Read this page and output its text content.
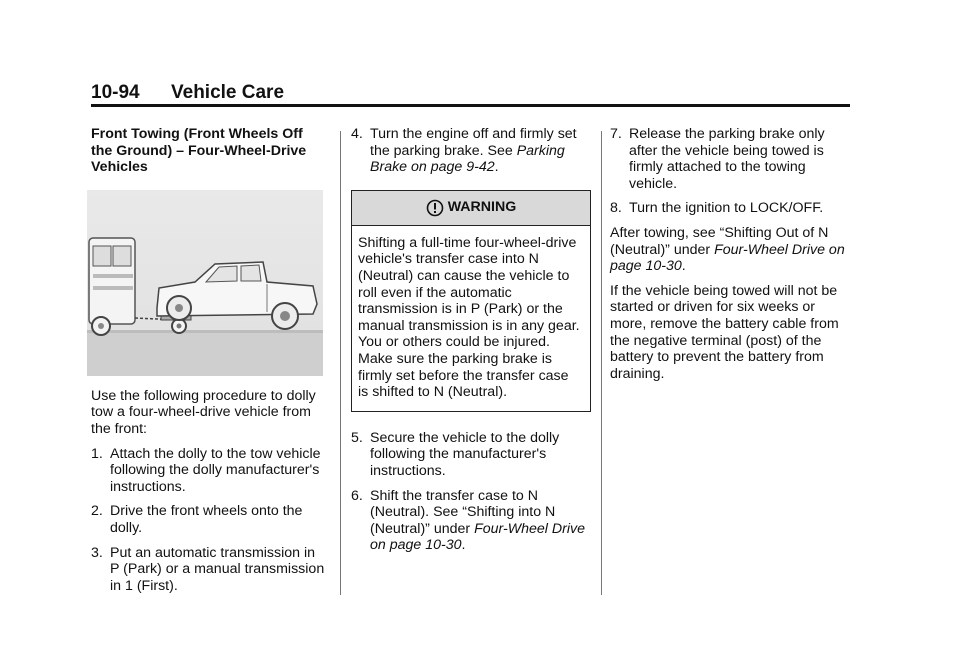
10-94 Vehicle Care

Front Towing (Front Wheels Off the Ground) – Four-Wheel-Drive Vehicles

Use the following procedure to dolly tow a four-wheel-drive vehicle from the front:

1. Attach the dolly to the tow vehicle following the dolly manufacturer's instructions.
2. Drive the front wheels onto the dolly.
3. Put an automatic transmission in P (Park) or a manual transmission in 1 (First).
4. Turn the engine off and firmly set the parking brake. See Parking Brake on page 9-42.
WARNING
Shifting a full-time four-wheel-drive vehicle's transfer case into N (Neutral) can cause the vehicle to roll even if the automatic transmission is in P (Park) or the manual transmission is in any gear. You or others could be injured. Make sure the parking brake is firmly set before the transfer case is shifted to N (Neutral).
5. Secure the vehicle to the dolly following the manufacturer's instructions.
6. Shift the transfer case to N (Neutral). See “Shifting into N (Neutral)” under Four-Wheel Drive on page 10-30.
7. Release the parking brake only after the vehicle being towed is firmly attached to the towing vehicle.
8. Turn the ignition to LOCK/OFF.

After towing, see “Shifting Out of N (Neutral)” under Four-Wheel Drive on page 10-30.

If the vehicle being towed will not be started or driven for six weeks or more, remove the battery cable from the negative terminal (post) of the battery to prevent the battery from draining.
